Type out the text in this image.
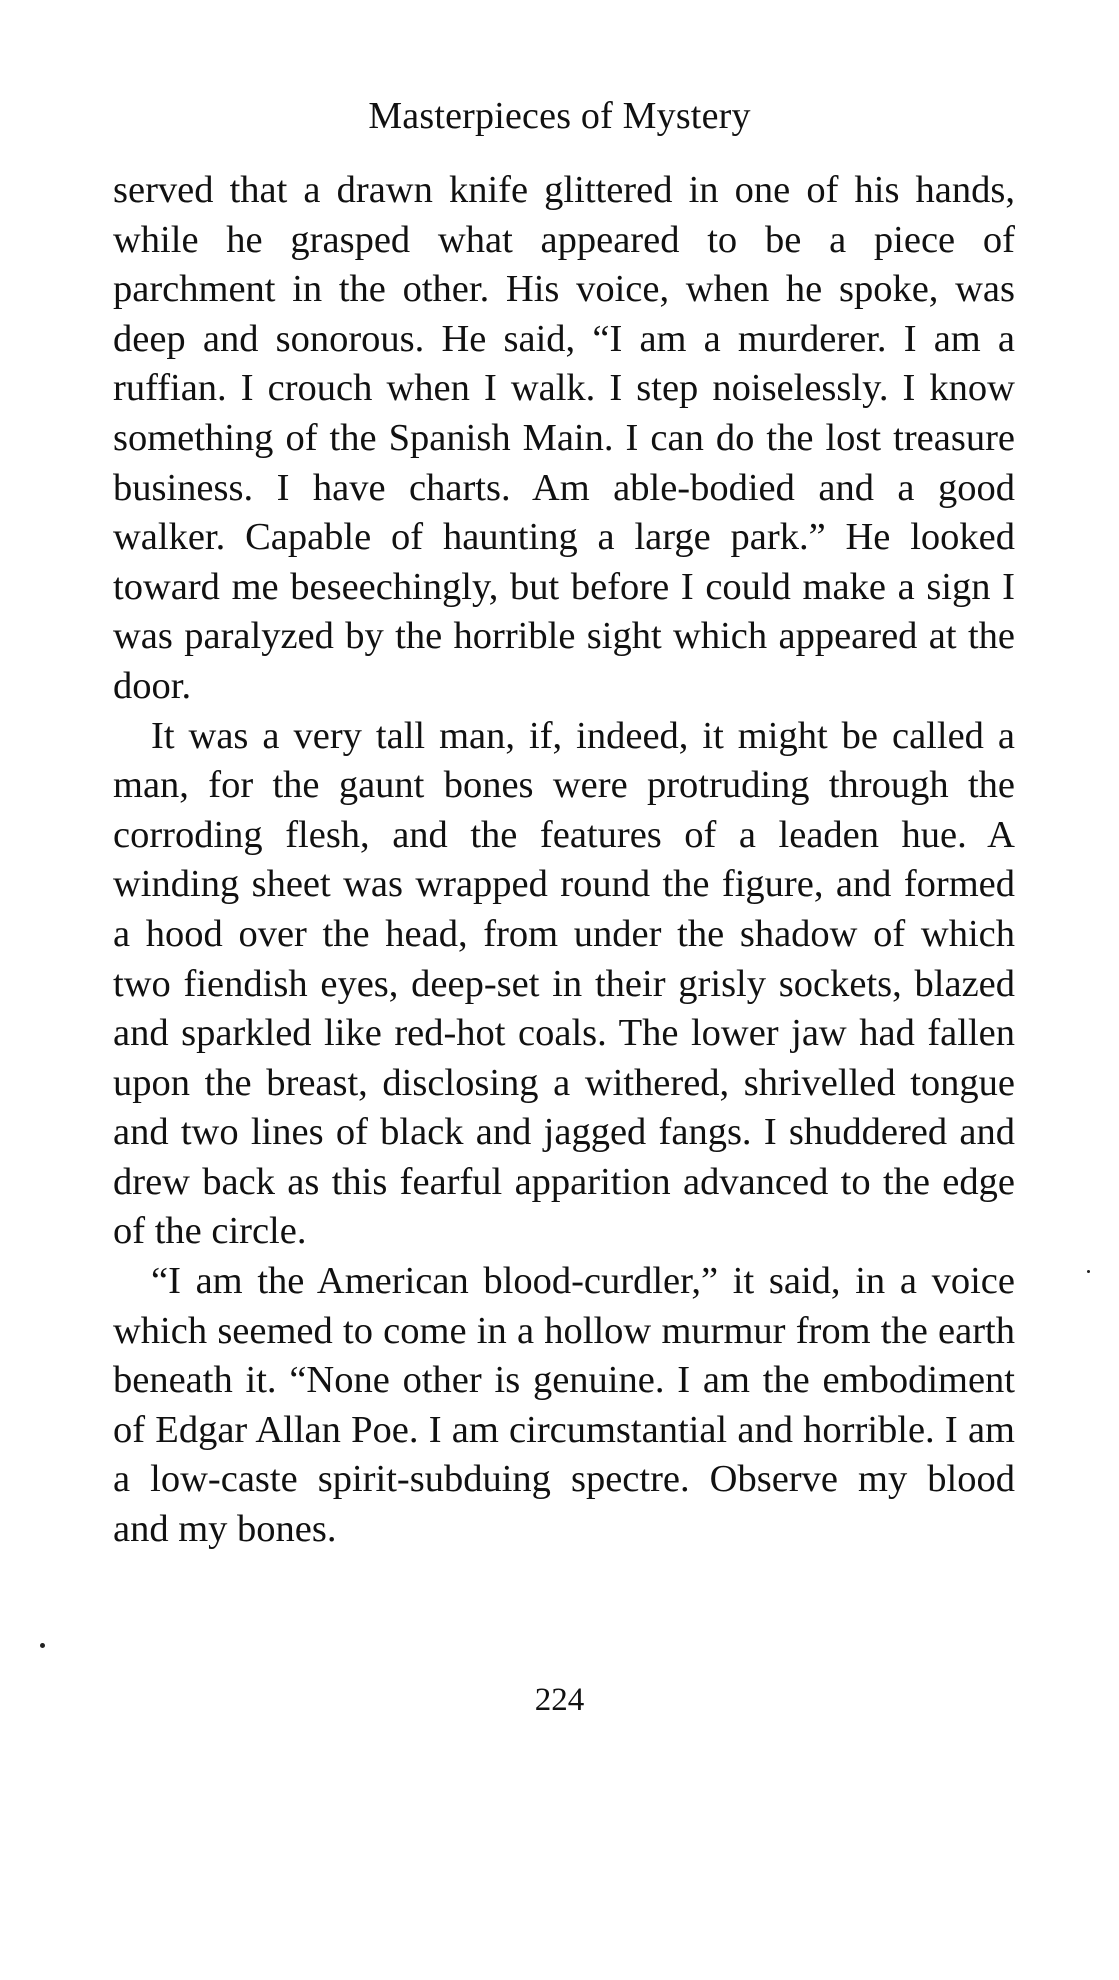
Masterpieces of Mystery

served that a drawn knife glittered in one of his hands, while he grasped what appeared to be a piece of parchment in the other. His voice, when he spoke, was deep and sonorous. He said, “I am a murderer. I am a ruffian. I crouch when I walk. I step noiselessly. I know something of the Spanish Main. I can do the lost treasure business. I have charts. Am able-bodied and a good walker. Capable of haunting a large park.” He looked toward me beseechingly, but before I could make a sign I was paralyzed by the horrible sight which appeared at the door.

It was a very tall man, if, indeed, it might be called a man, for the gaunt bones were protruding through the corroding flesh, and the features of a leaden hue. A winding sheet was wrapped round the figure, and formed a hood over the head, from under the shadow of which two fiendish eyes, deep-set in their grisly sockets, blazed and sparkled like red-hot coals. The lower jaw had fallen upon the breast, disclosing a withered, shrivelled tongue and two lines of black and jagged fangs. I shuddered and drew back as this fearful apparition advanced to the edge of the circle.

“I am the American blood-curdler,” it said, in a voice which seemed to come in a hollow murmur from the earth beneath it. “None other is genuine. I am the embodiment of Edgar Allan Poe. I am circumstantial and horrible. I am a low-caste spirit-subduing spectre. Observe my blood and my bones.

224
